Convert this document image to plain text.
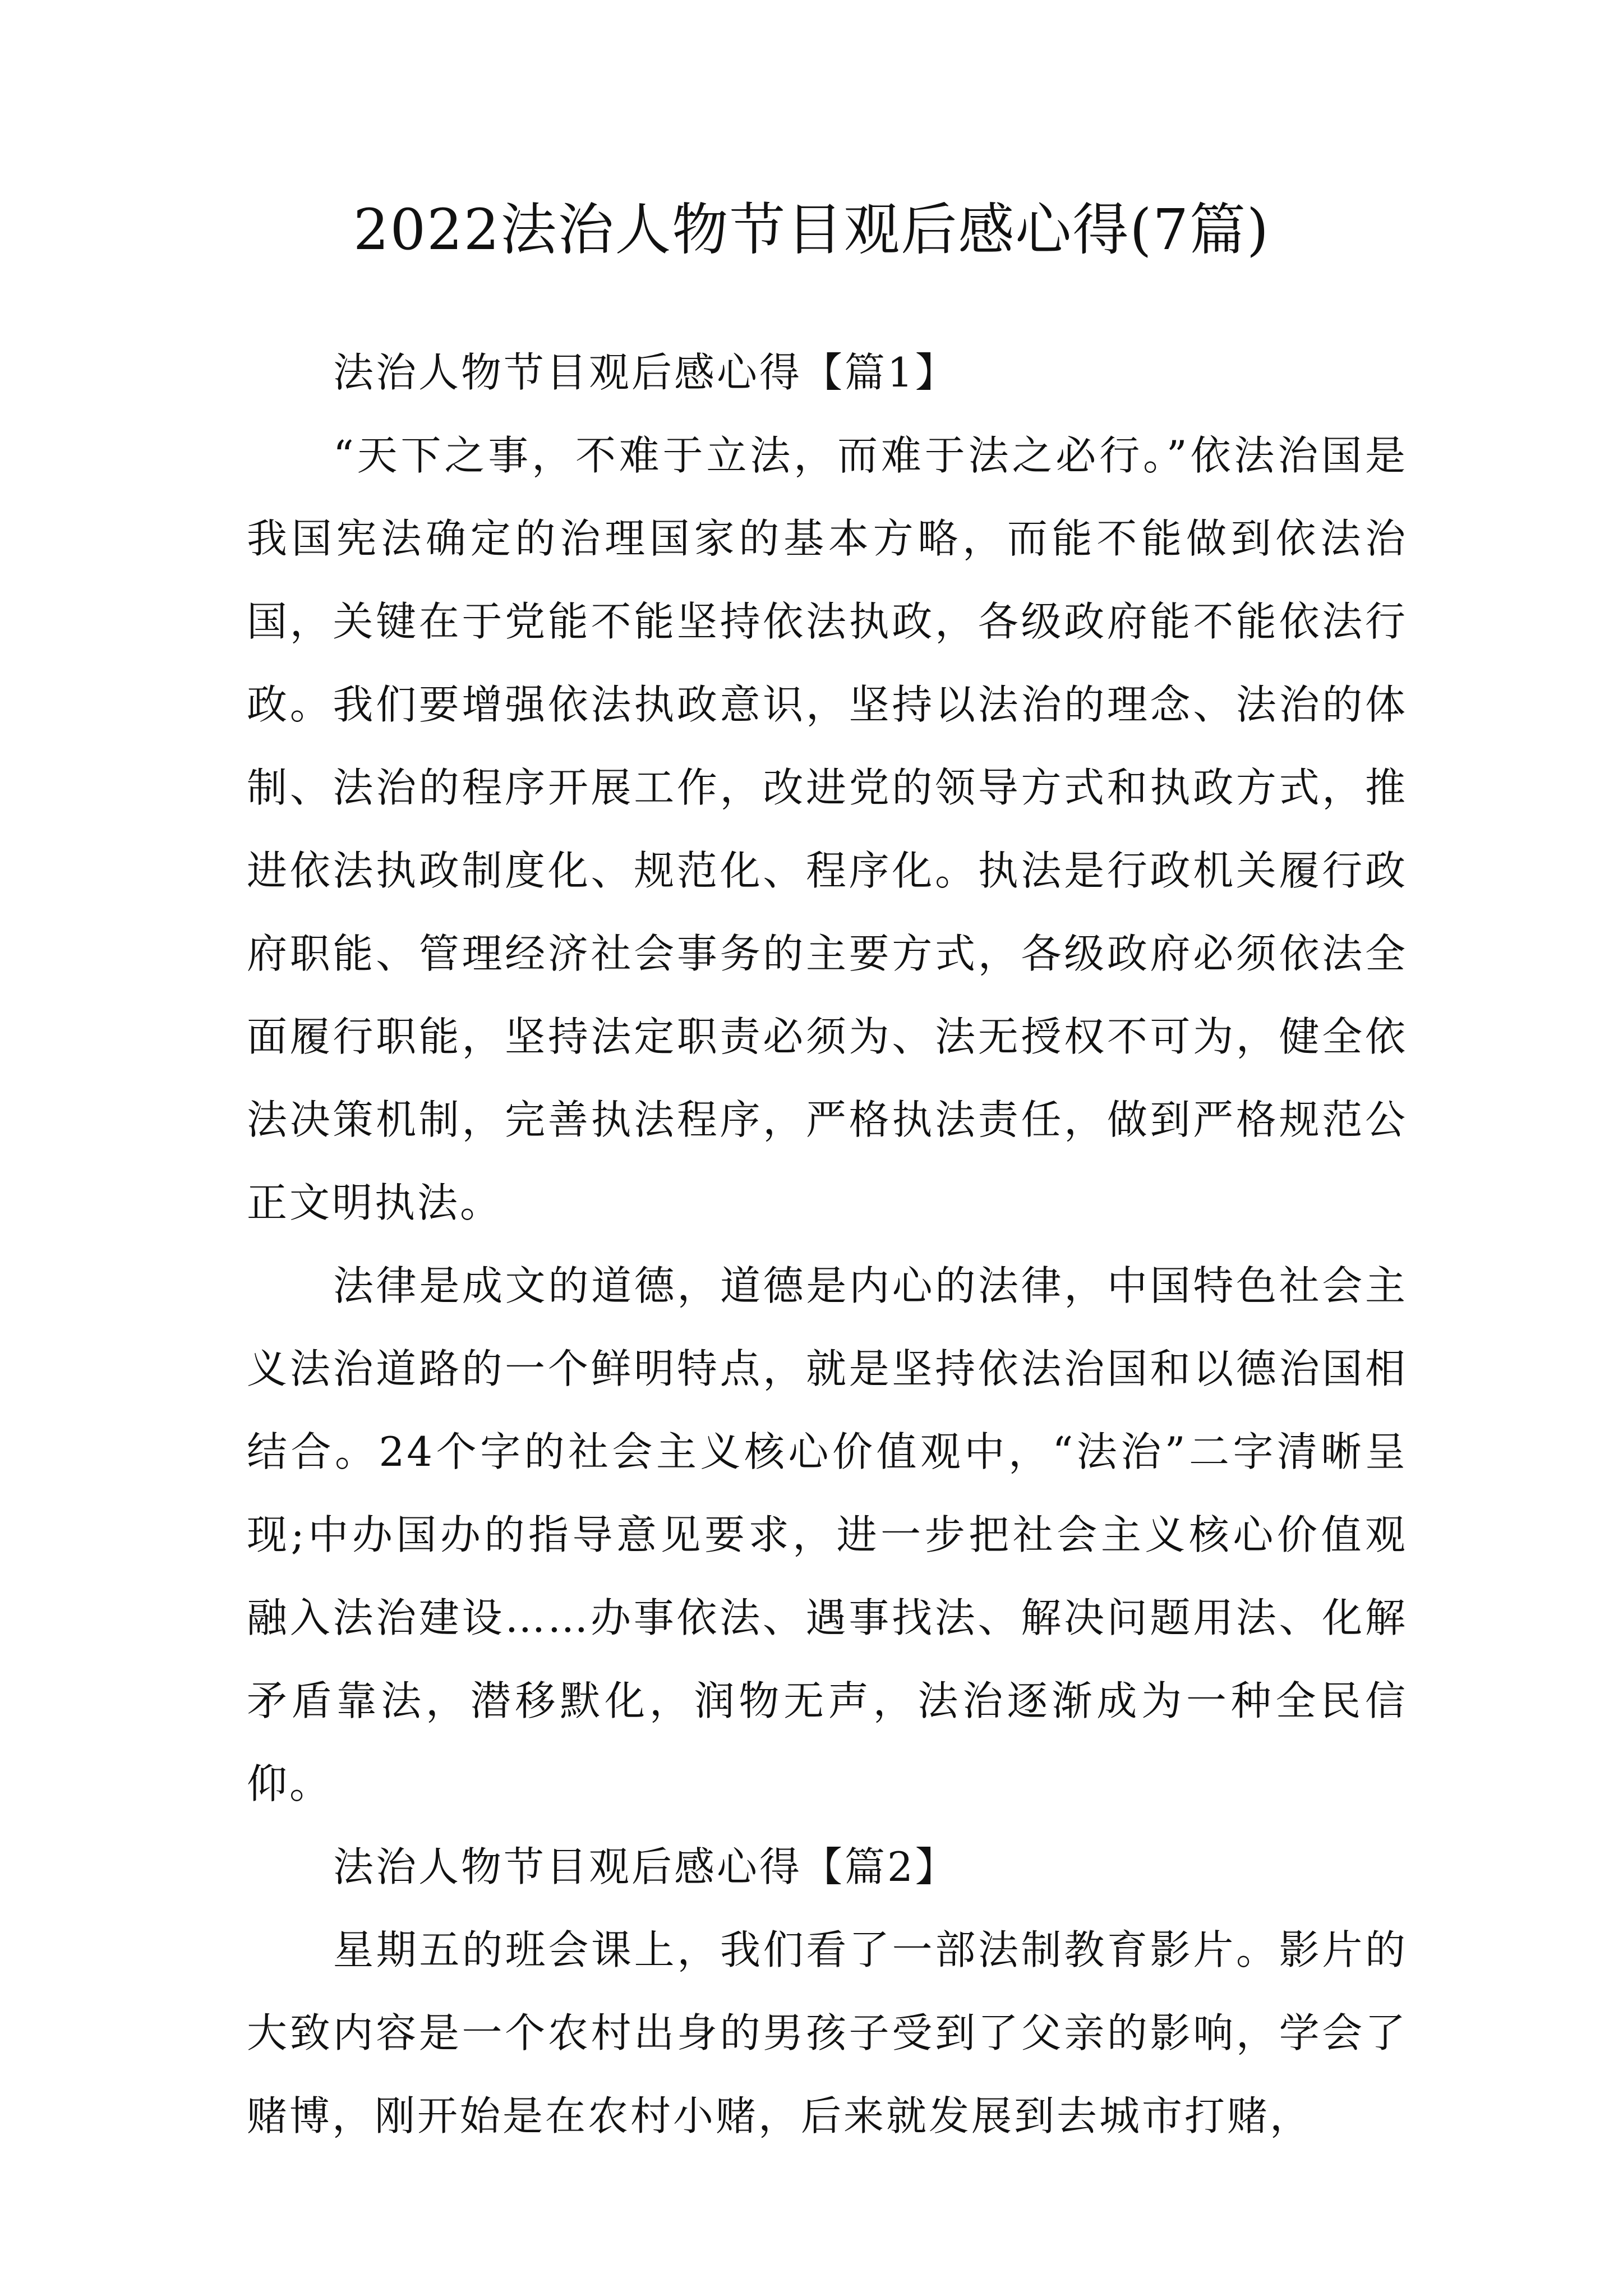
2022法治人物节目观后感心得(7篇)

法治人物节目观后感心得【篇1】

“天下之事，不难于立法，而难于法之必行。”依法治国是我国宪法确定的治理国家的基本方略，而能不能做到依法治国，关键在于党能不能坚持依法执政，各级政府能不能依法行政。我们要增强依法执政意识，坚持以法治的理念、法治的体制、法治的程序开展工作，改进党的领导方式和执政方式，推进依法执政制度化、规范化、程序化。执法是行政机关履行政府职能、管理经济社会事务的主要方式，各级政府必须依法全面履行职能，坚持法定职责必须为、法无授权不可为，健全依法决策机制，完善执法程序，严格执法责任，做到严格规范公正文明执法。

法律是成文的道德，道德是内心的法律，中国特色社会主义法治道路的一个鲜明特点，就是坚持依法治国和以德治国相结合。24个字的社会主义核心价值观中，“法治”二字清晰呈现;中办国办的指导意见要求，进一步把社会主义核心价值观融入法治建设……办事依法、遇事找法、解决问题用法、化解矛盾靠法，潜移默化，润物无声，法治逐渐成为一种全民信仰。

法治人物节目观后感心得【篇2】

星期五的班会课上，我们看了一部法制教育影片。影片的大致内容是一个农村出身的男孩子受到了父亲的影响，学会了赌博，刚开始是在农村小赌，后来就发展到去城市打赌，
